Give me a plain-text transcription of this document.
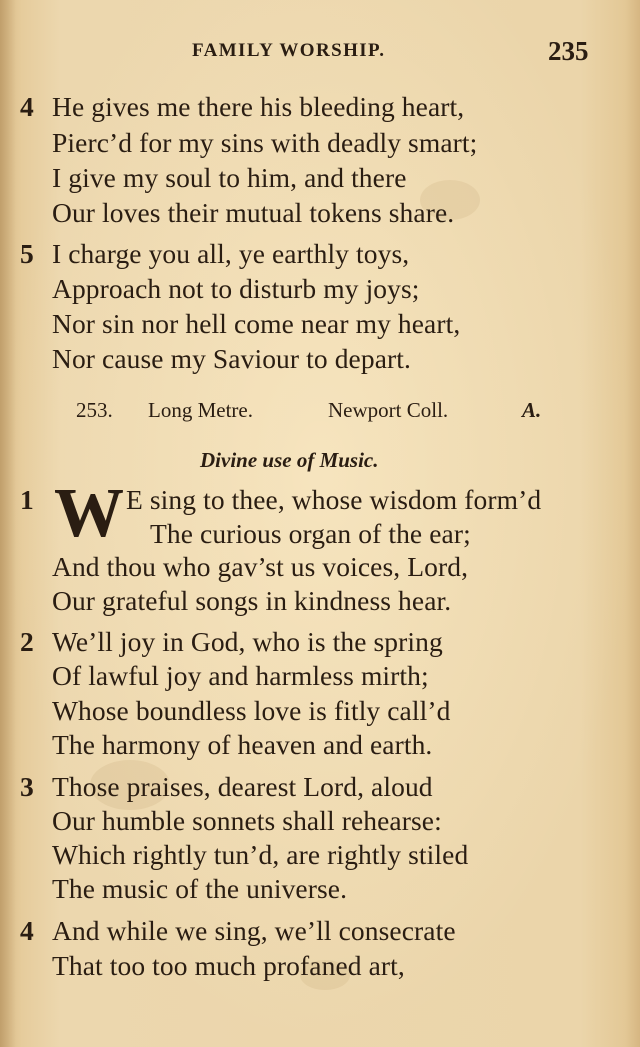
FAMILY WORSHIP.	235
4 He gives me there his bleeding heart,
Pierc’d for my sins with deadly smart;
I give my soul to him, and there
Our loves their mutual tokens share.
5 I charge you all, ye earthly toys,
Approach not to disturb my joys;
Nor sin nor hell come near my heart,
Nor cause my Saviour to depart.
253. Long Metre.	Newport Coll.	A.
Divine use of Music.
1 W E sing to thee, whose wisdom form’d
The curious organ of the ear;
And thou who gav’st us voices, Lord,
Our grateful songs in kindness hear.
2 We’ll joy in God, who is the spring
Of lawful joy and harmless mirth;
Whose boundless love is fitly call’d
The harmony of heaven and earth.
3 Those praises, dearest Lord, aloud
Our humble sonnets shall rehearse:
Which rightly tun’d, are rightly stiled
The music of the universe.
4 And while we sing, we’ll consecrate
That too too much profaned art,
